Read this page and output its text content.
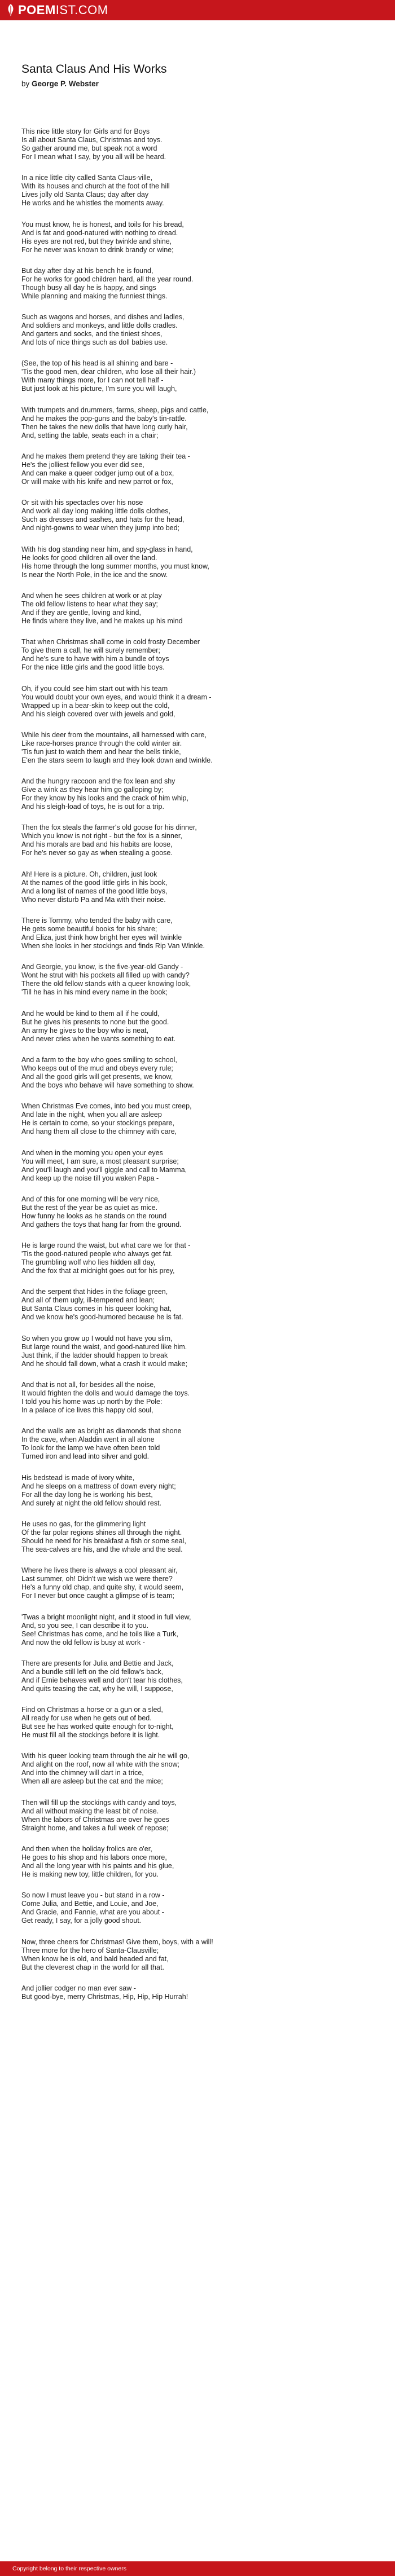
POEM IST.COM
Santa Claus And His Works

by George P. Webster

This nice little story for Girls and for Boys
Is all about Santa Claus, Christmas and toys.
So gather around me, but speak not a word
For I mean what I say, by you all will be heard.

In a nice little city called Santa Claus-ville,
With its houses and church at the foot of the hill
Lives jolly old Santa Claus; day after day
He works and he whistles the moments away.

You must know, he is honest, and toils for his bread,
And is fat and good-natured with nothing to dread.
His eyes are not red, but they twinkle and shine,
For he never was known to drink brandy or wine;

But day after day at his bench he is found,
For he works for good children hard, all the year round.
Though busy all day he is happy, and sings
While planning and making the funniest things.

Such as wagons and horses, and dishes and ladles,
And soldiers and monkeys, and little dolls cradles.
And garters and socks, and the tiniest shoes,
And lots of nice things such as doll babies use.

(See, the top of his head is all shining and bare -
'Tis the good men, dear children, who lose all their hair.)
With many things more, for I can not tell half -
But just look at his picture, I'm sure you will laugh,

With trumpets and drummers, farms, sheep, pigs and cattle,
And he makes the pop-guns and the baby's tin-rattle.
Then he takes the new dolls that have long curly hair,
And, setting the table, seats each in a chair;

And he makes them pretend they are taking their tea -
He's the jolliest fellow you ever did see,
And can make a queer codger jump out of a box,
Or will make with his knife and new parrot or fox,

Or sit with his spectacles over his nose
And work all day long making little dolls clothes,
Such as dresses and sashes, and hats for the head,
And night-gowns to wear when they jump into bed;

With his dog standing near him, and spy-glass in hand,
He looks for good children all over the land.
His home through the long summer months, you must know,
Is near the North Pole, in the ice and the snow.

And when he sees children at work or at play
The old fellow listens to hear what they say;
And if they are gentle, loving and kind,
He finds where they live, and he makes up his mind

That when Christmas shall come in cold frosty December
To give them a call, he will surely remember;
And he's sure to have with him a bundle of toys
For the nice little girls and the good little boys.

Oh, if you could see him start out with his team
You would doubt your own eyes, and would think it a dream -
Wrapped up in a bear-skin to keep out the cold,
And his sleigh covered over with jewels and gold,

While his deer from the mountains, all harnessed with care,
Like race-horses prance through the cold winter air.
'Tis fun just to watch them and hear the bells tinkle,
E'en the stars seem to laugh and they look down and twinkle.

And the hungry raccoon and the fox lean and shy
Give a wink as they hear him go galloping by;
For they know by his looks and the crack of him whip,
And his sleigh-load of toys, he is out for a trip.

Then the fox steals the farmer's old goose for his dinner,
Which you know is not right - but the fox is a sinner,
And his morals are bad and his habits are loose,
For he's never so gay as when stealing a goose.

Ah! Here is a picture. Oh, children, just look
At the names of the good little girls in his book,
And a long list of names of the good little boys,
Who never disturb Pa and Ma with their noise.

There is Tommy, who tended the baby with care,
He gets some beautiful books for his share;
And Eliza, just think how bright her eyes will twinkle
When she looks in her stockings and finds Rip Van Winkle.

And Georgie, you know, is the five-year-old Gandy -
Wont he strut with his pockets all filled up with candy?
There the old fellow stands with a queer knowing look,
'Till he has in his mind every name in the book;

And he would be kind to them all if he could,
But he gives his presents to none but the good.
An army he gives to the boy who is neat,
And never cries when he wants something to eat.

And a farm to the boy who goes smiling to school,
Who keeps out of the mud and obeys every rule;
And all the good girls will get presents, we know,
And the boys who behave will have something to show.

When Christmas Eve comes, into bed you must creep,
And late in the night, when you all are asleep
He is certain to come, so your stockings prepare,
And hang them all close to the chimney with care,

And when in the morning you open your eyes
You will meet, I am sure, a most pleasant surprise;
And you'll laugh and you'll giggle and call to Mamma,
And keep up the noise till you waken Papa -

And of this for one morning will be very nice,
But the rest of the year be as quiet as mice.
How funny he looks as he stands on the round
And gathers the toys that hang far from the ground.

He is large round the waist, but what care we for that -
'Tis the good-natured people who always get fat.
The grumbling wolf who lies hidden all day,
And the fox that at midnight goes out for his prey,

And the serpent that hides in the foliage green,
And all of them ugly, ill-tempered and lean;
But Santa Claus comes in his queer looking hat,
And we know he's good-humored because he is fat.

So when you grow up I would not have you slim,
But large round the waist, and good-natured like him.
Just think, if the ladder should happen to break
And he should fall down, what a crash it would make;

And that is not all, for besides all the noise,
It would frighten the dolls and would damage the toys.
I told you his home was up north by the Pole:
In a palace of ice lives this happy old soul,

And the walls are as bright as diamonds that shone
In the cave, when Aladdin went in all alone
To look for the lamp we have often been told
Turned iron and lead into silver and gold.

His bedstead is made of ivory white,
And he sleeps on a mattress of down every night;
For all the day long he is working his best,
And surely at night the old fellow should rest.

He uses no gas, for the glimmering light
Of the far polar regions shines all through the night.
Should he need for his breakfast a fish or some seal,
The sea-calves are his, and the whale and the seal.

Where he lives there is always a cool pleasant air,
Last summer, oh! Didn't we wish we were there?
He's a funny old chap, and quite shy, it would seem,
For I never but once caught a glimpse of is team;

'Twas a bright moonlight night, and it stood in full view,
And, so you see, I can describe it to you.
See! Christmas has come, and he toils like a Turk,
And now the old fellow is busy at work -

There are presents for Julia and Bettie and Jack,
And a bundle still left on the old fellow's back,
And if Ernie behaves well and don't tear his clothes,
And quits teasing the cat, why he will, I suppose,

Find on Christmas a horse or a gun or a sled,
All ready for use when he gets out of bed.
But see he has worked quite enough for to-night,
He must fill all the stockings before it is light.

With his queer looking team through the air he will go,
And alight on the roof, now all white with the snow;
And into the chimney will dart in a trice,
When all are asleep but the cat and the mice;

Then will fill up the stockings with candy and toys,
And all without making the least bit of noise.
When the labors of Christmas are over he goes
Straight home, and takes a full week of repose;

And then when the holiday frolics are o'er,
He goes to his shop and his labors once more,
And all the long year with his paints and his glue,
He is making new toy, little children, for you.

So now I must leave you - but stand in a row -
Come Julia, and Bettie, and Louie, and Joe,
And Gracie, and Fannie, what are you about -
Get ready, I say, for a jolly good shout.

Now, three cheers for Christmas! Give them, boys, with a will!
Three more for the hero of Santa-Clausville;
When know he is old, and bald headed and fat,
But the cleverest chap in the world for all that.

And jollier codger no man ever saw -
But good-bye, merry Christmas, Hip, Hip, Hip Hurrah!

Copyright belong to their respective owners
